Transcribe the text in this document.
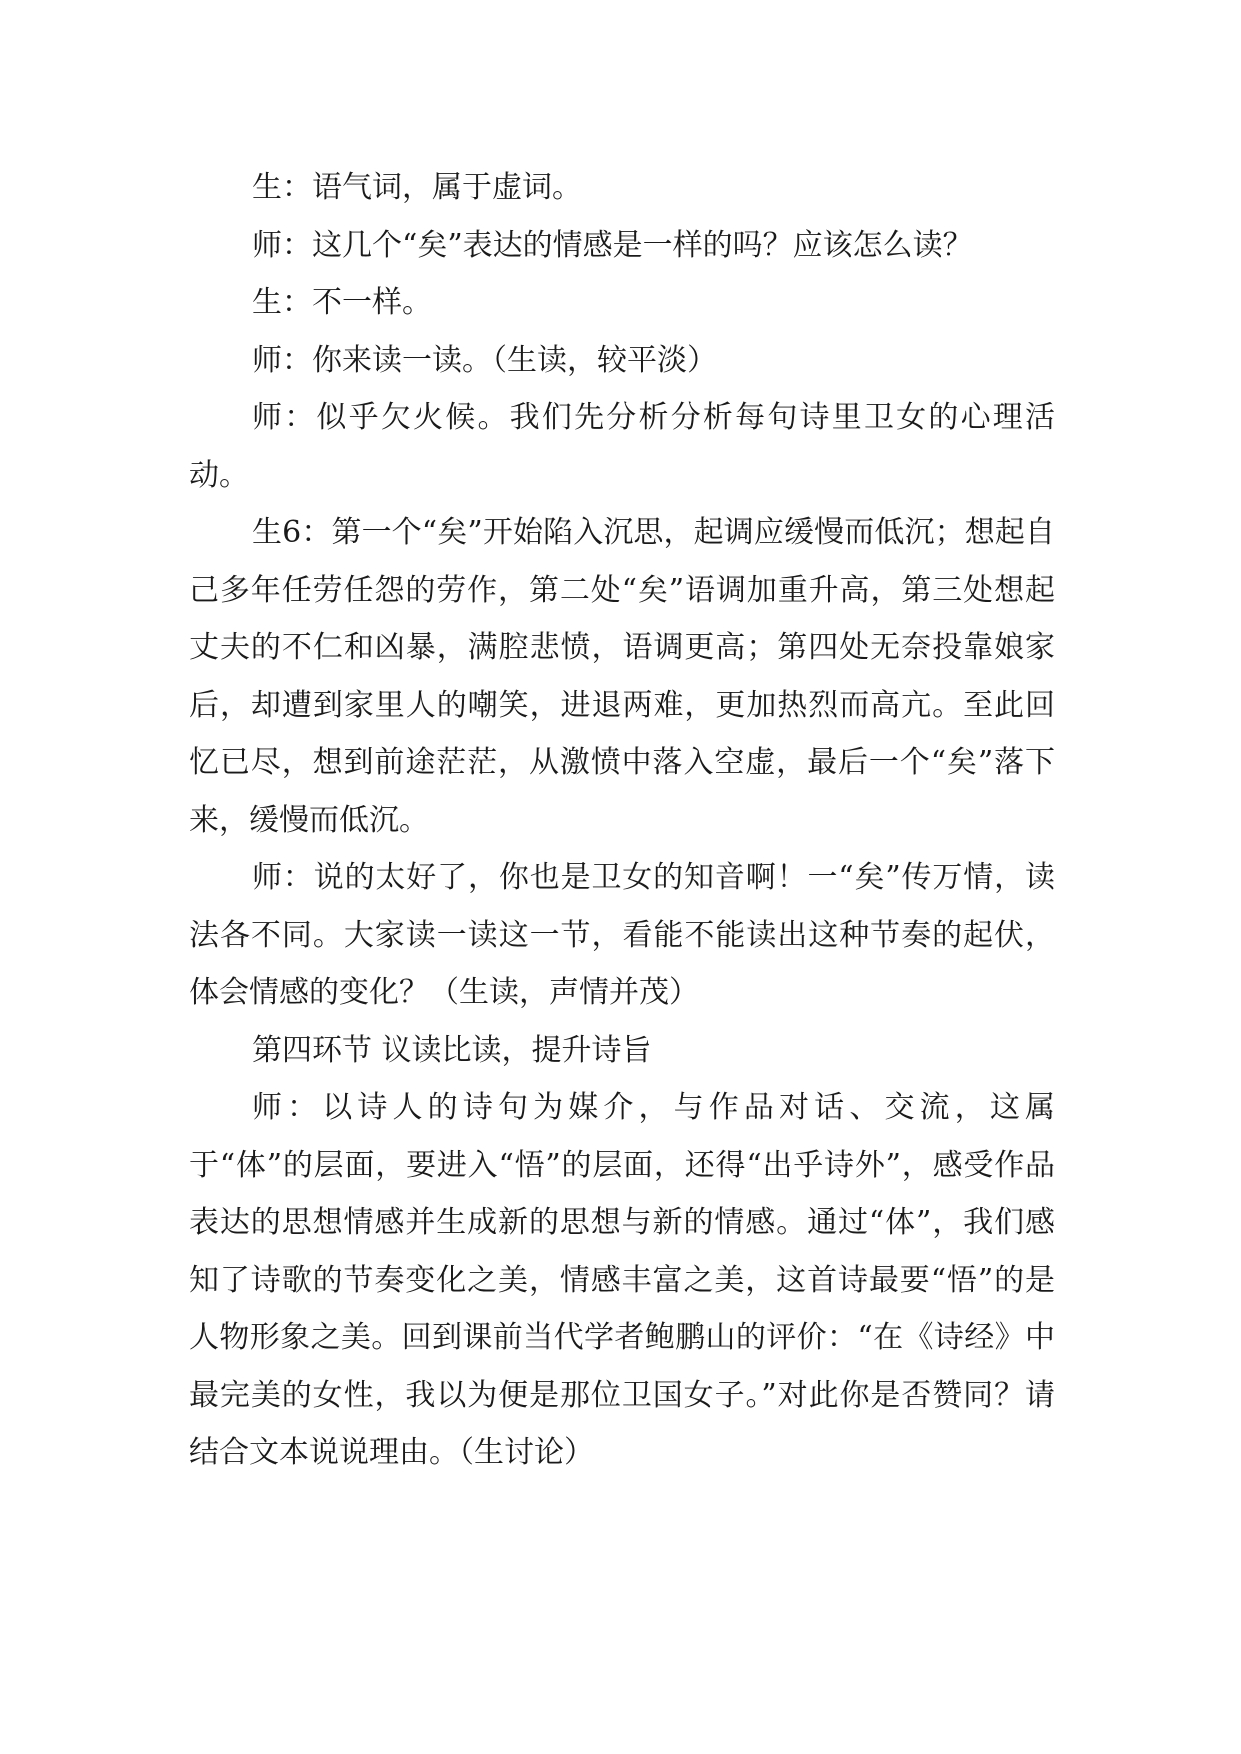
生：语气词，属于虚词。

师：这几个“矣”表达的情感是一样的吗？应该怎么读？

生：不一样。

师：你来读一读。（生读，较平淡）

师：似乎欠火候。我们先分析分析每句诗里卫女的心理活动。

生6：第一个“矣”开始陷入沉思，起调应缓慢而低沉；想起自己多年任劳任怨的劳作，第二处“矣”语调加重升高，第三处想起丈夫的不仁和凶暴，满腔悲愤，语调更高；第四处无奈投靠娘家后，却遭到家里人的嘲笑，进退两难，更加热烈而高亢。至此回忆已尽，想到前途茫茫，从激愤中落入空虚，最后一个“矣”落下来，缓慢而低沉。

师：说的太好了，你也是卫女的知音啊！一“矣”传万情，读法各不同。大家读一读这一节，看能不能读出这种节奏的起伏，体会情感的变化？（生读，声情并茂）

第四环节 议读比读，提升诗旨

师：以诗人的诗句为媒介，与作品对话、交流，这属于“体”的层面，要进入“悟”的层面，还得“出乎诗外”，感受作品表达的思想情感并生成新的思想与新的情感。通过“体”，我们感知了诗歌的节奏变化之美，情感丰富之美，这首诗最要“悟”的是人物形象之美。回到课前当代学者鲍鹏山的评价：“在《诗经》中最完美的女性，我以为便是那位卫国女子。”对此你是否赞同？请结合文本说说理由。（生讨论）
